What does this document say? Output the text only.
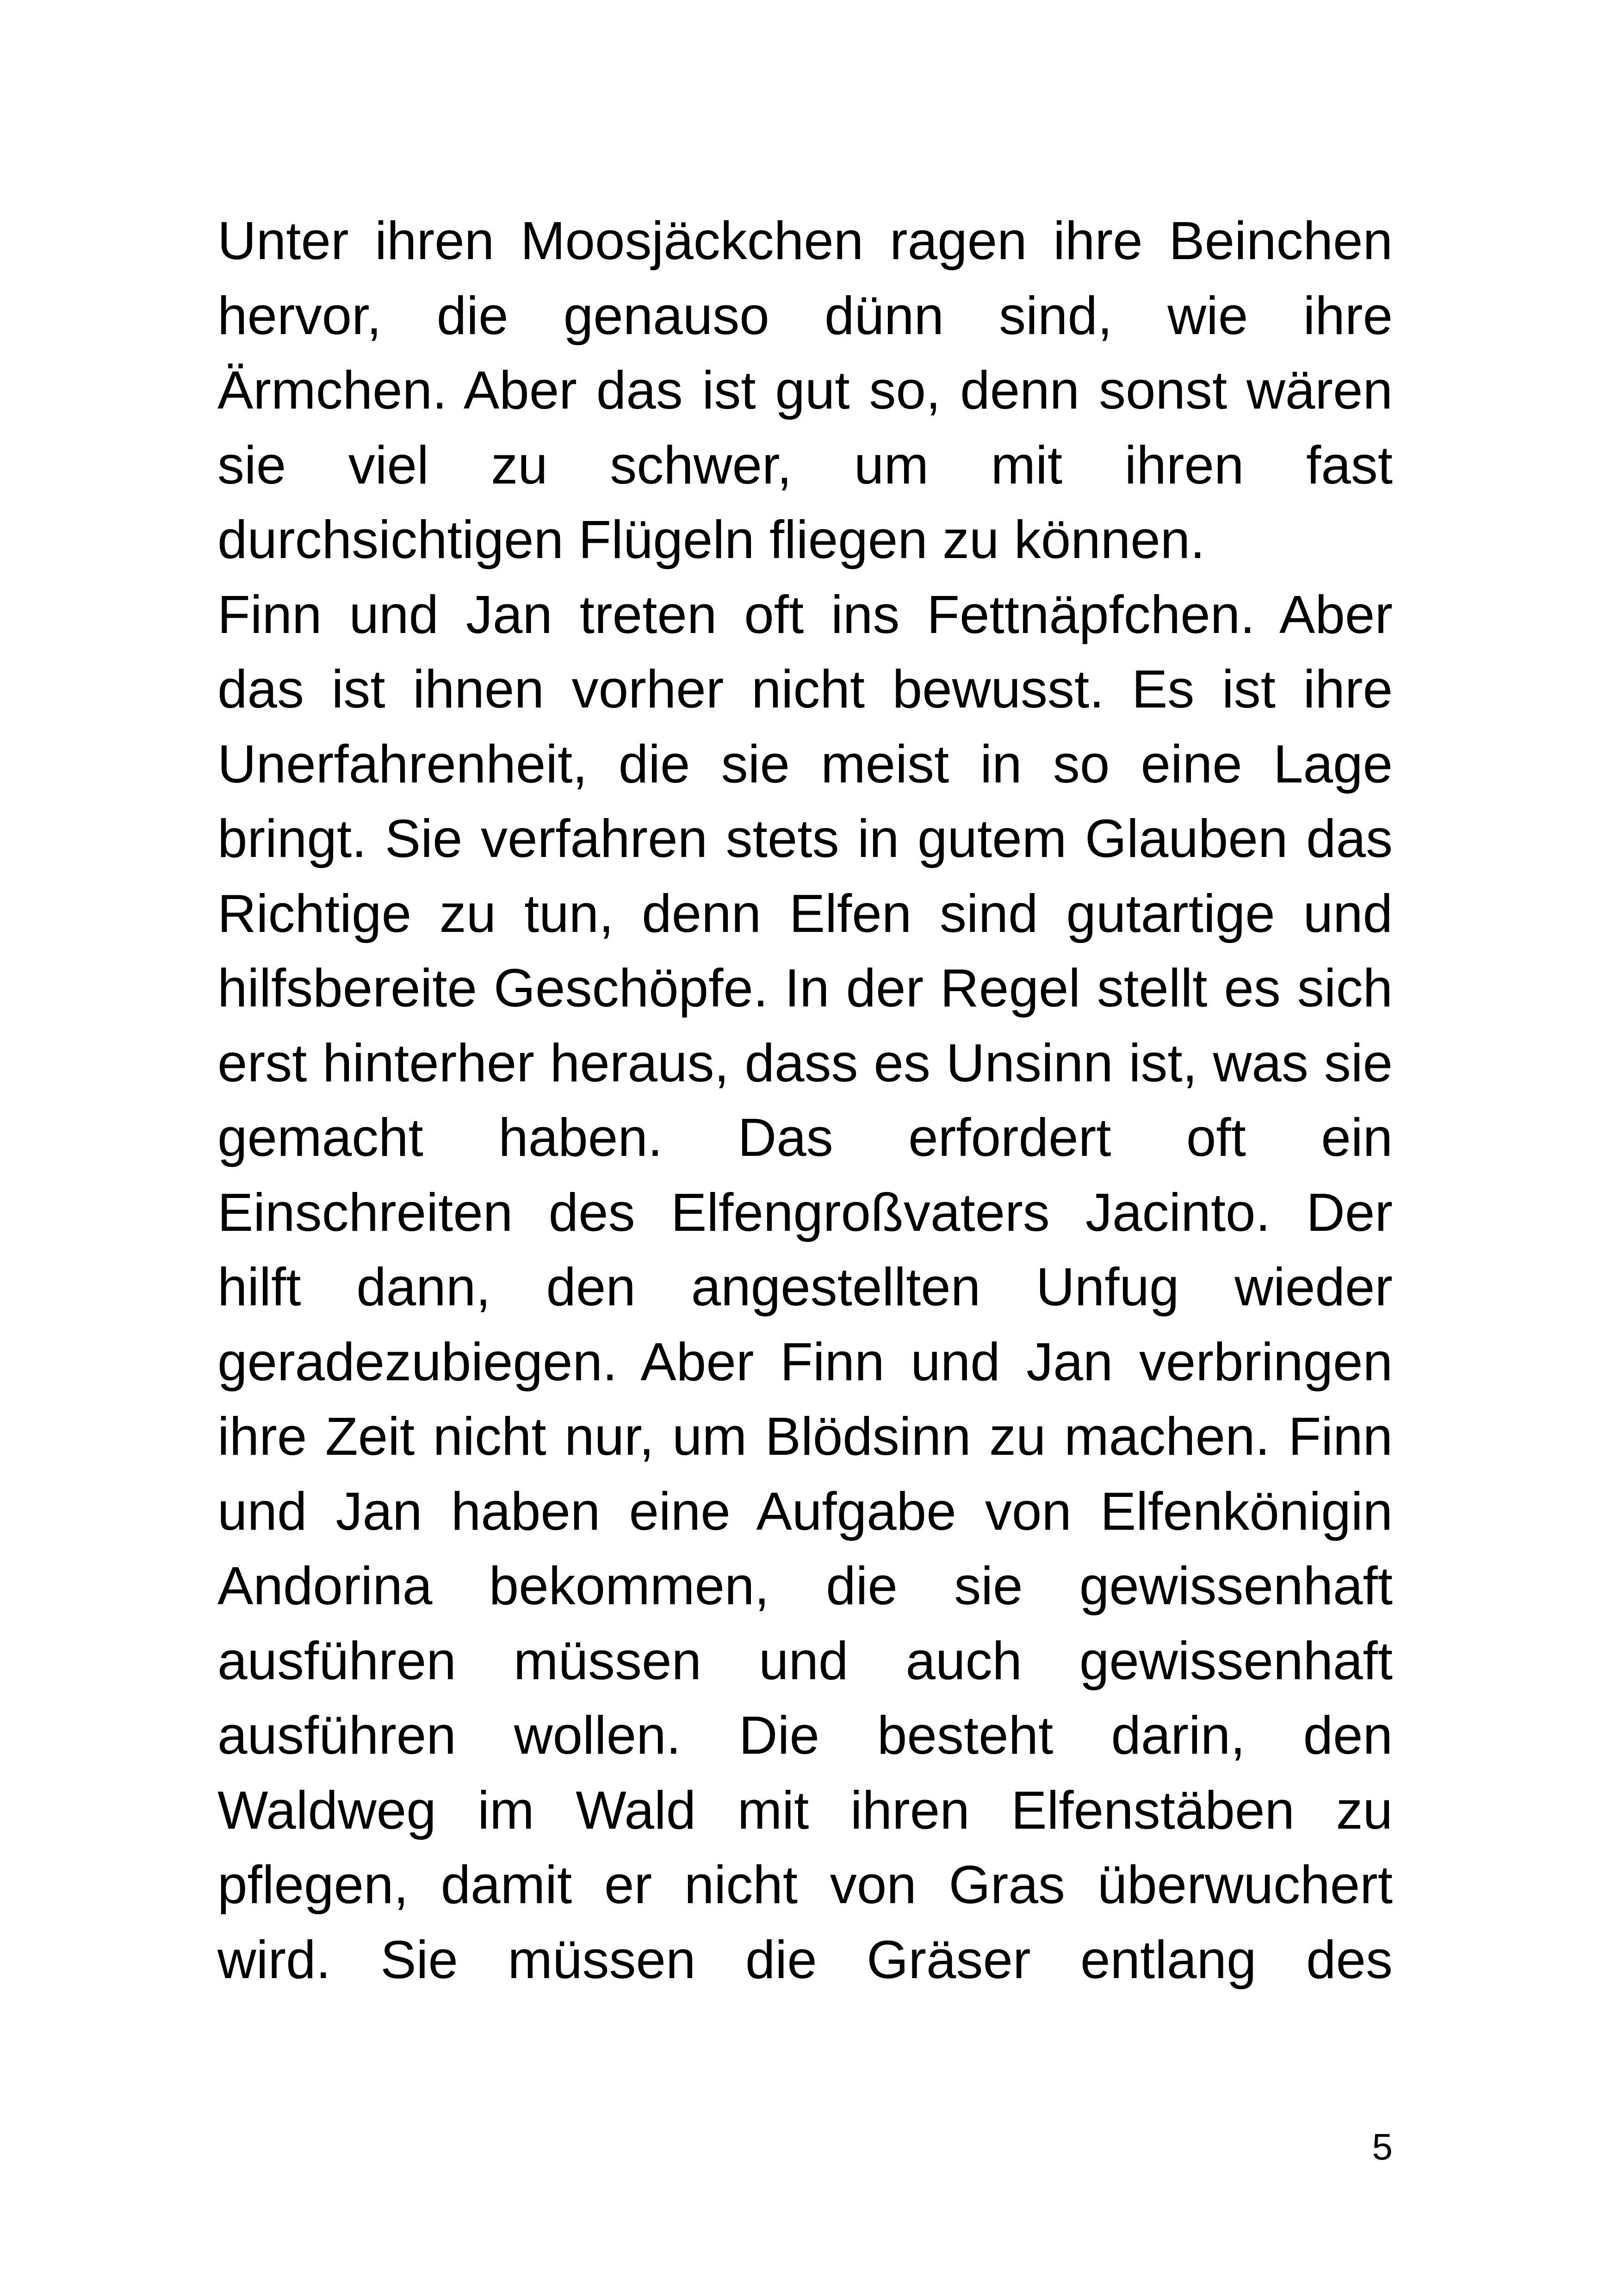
Unter ihren Moosjäckchen ragen ihre Beinchen
hervor, die genauso dünn sind, wie ihre
Ärmchen. Aber das ist gut so, denn sonst wären
sie viel zu schwer, um mit ihren fast
durchsichtigen Flügeln fliegen zu können.
Finn und Jan treten oft ins Fettnäpfchen. Aber
das ist ihnen vorher nicht bewusst. Es ist ihre
Unerfahrenheit, die sie meist in so eine Lage
bringt. Sie verfahren stets in gutem Glauben das
Richtige zu tun, denn Elfen sind gutartige und
hilfsbereite Geschöpfe. In der Regel stellt es sich
erst hinterher heraus, dass es Unsinn ist, was sie
gemacht haben. Das erfordert oft ein
Einschreiten des Elfengroßvaters Jacinto. Der
hilft dann, den angestellten Unfug wieder
geradezubiegen. Aber Finn und Jan verbringen
ihre Zeit nicht nur, um Blödsinn zu machen. Finn
und Jan haben eine Aufgabe von Elfenkönigin
Andorina bekommen, die sie gewissenhaft
ausführen müssen und auch gewissenhaft
ausführen wollen. Die besteht darin, den
Waldweg im Wald mit ihren Elfenstäben zu
pflegen, damit er nicht von Gras überwuchert
wird. Sie müssen die Gräser entlang des
5
